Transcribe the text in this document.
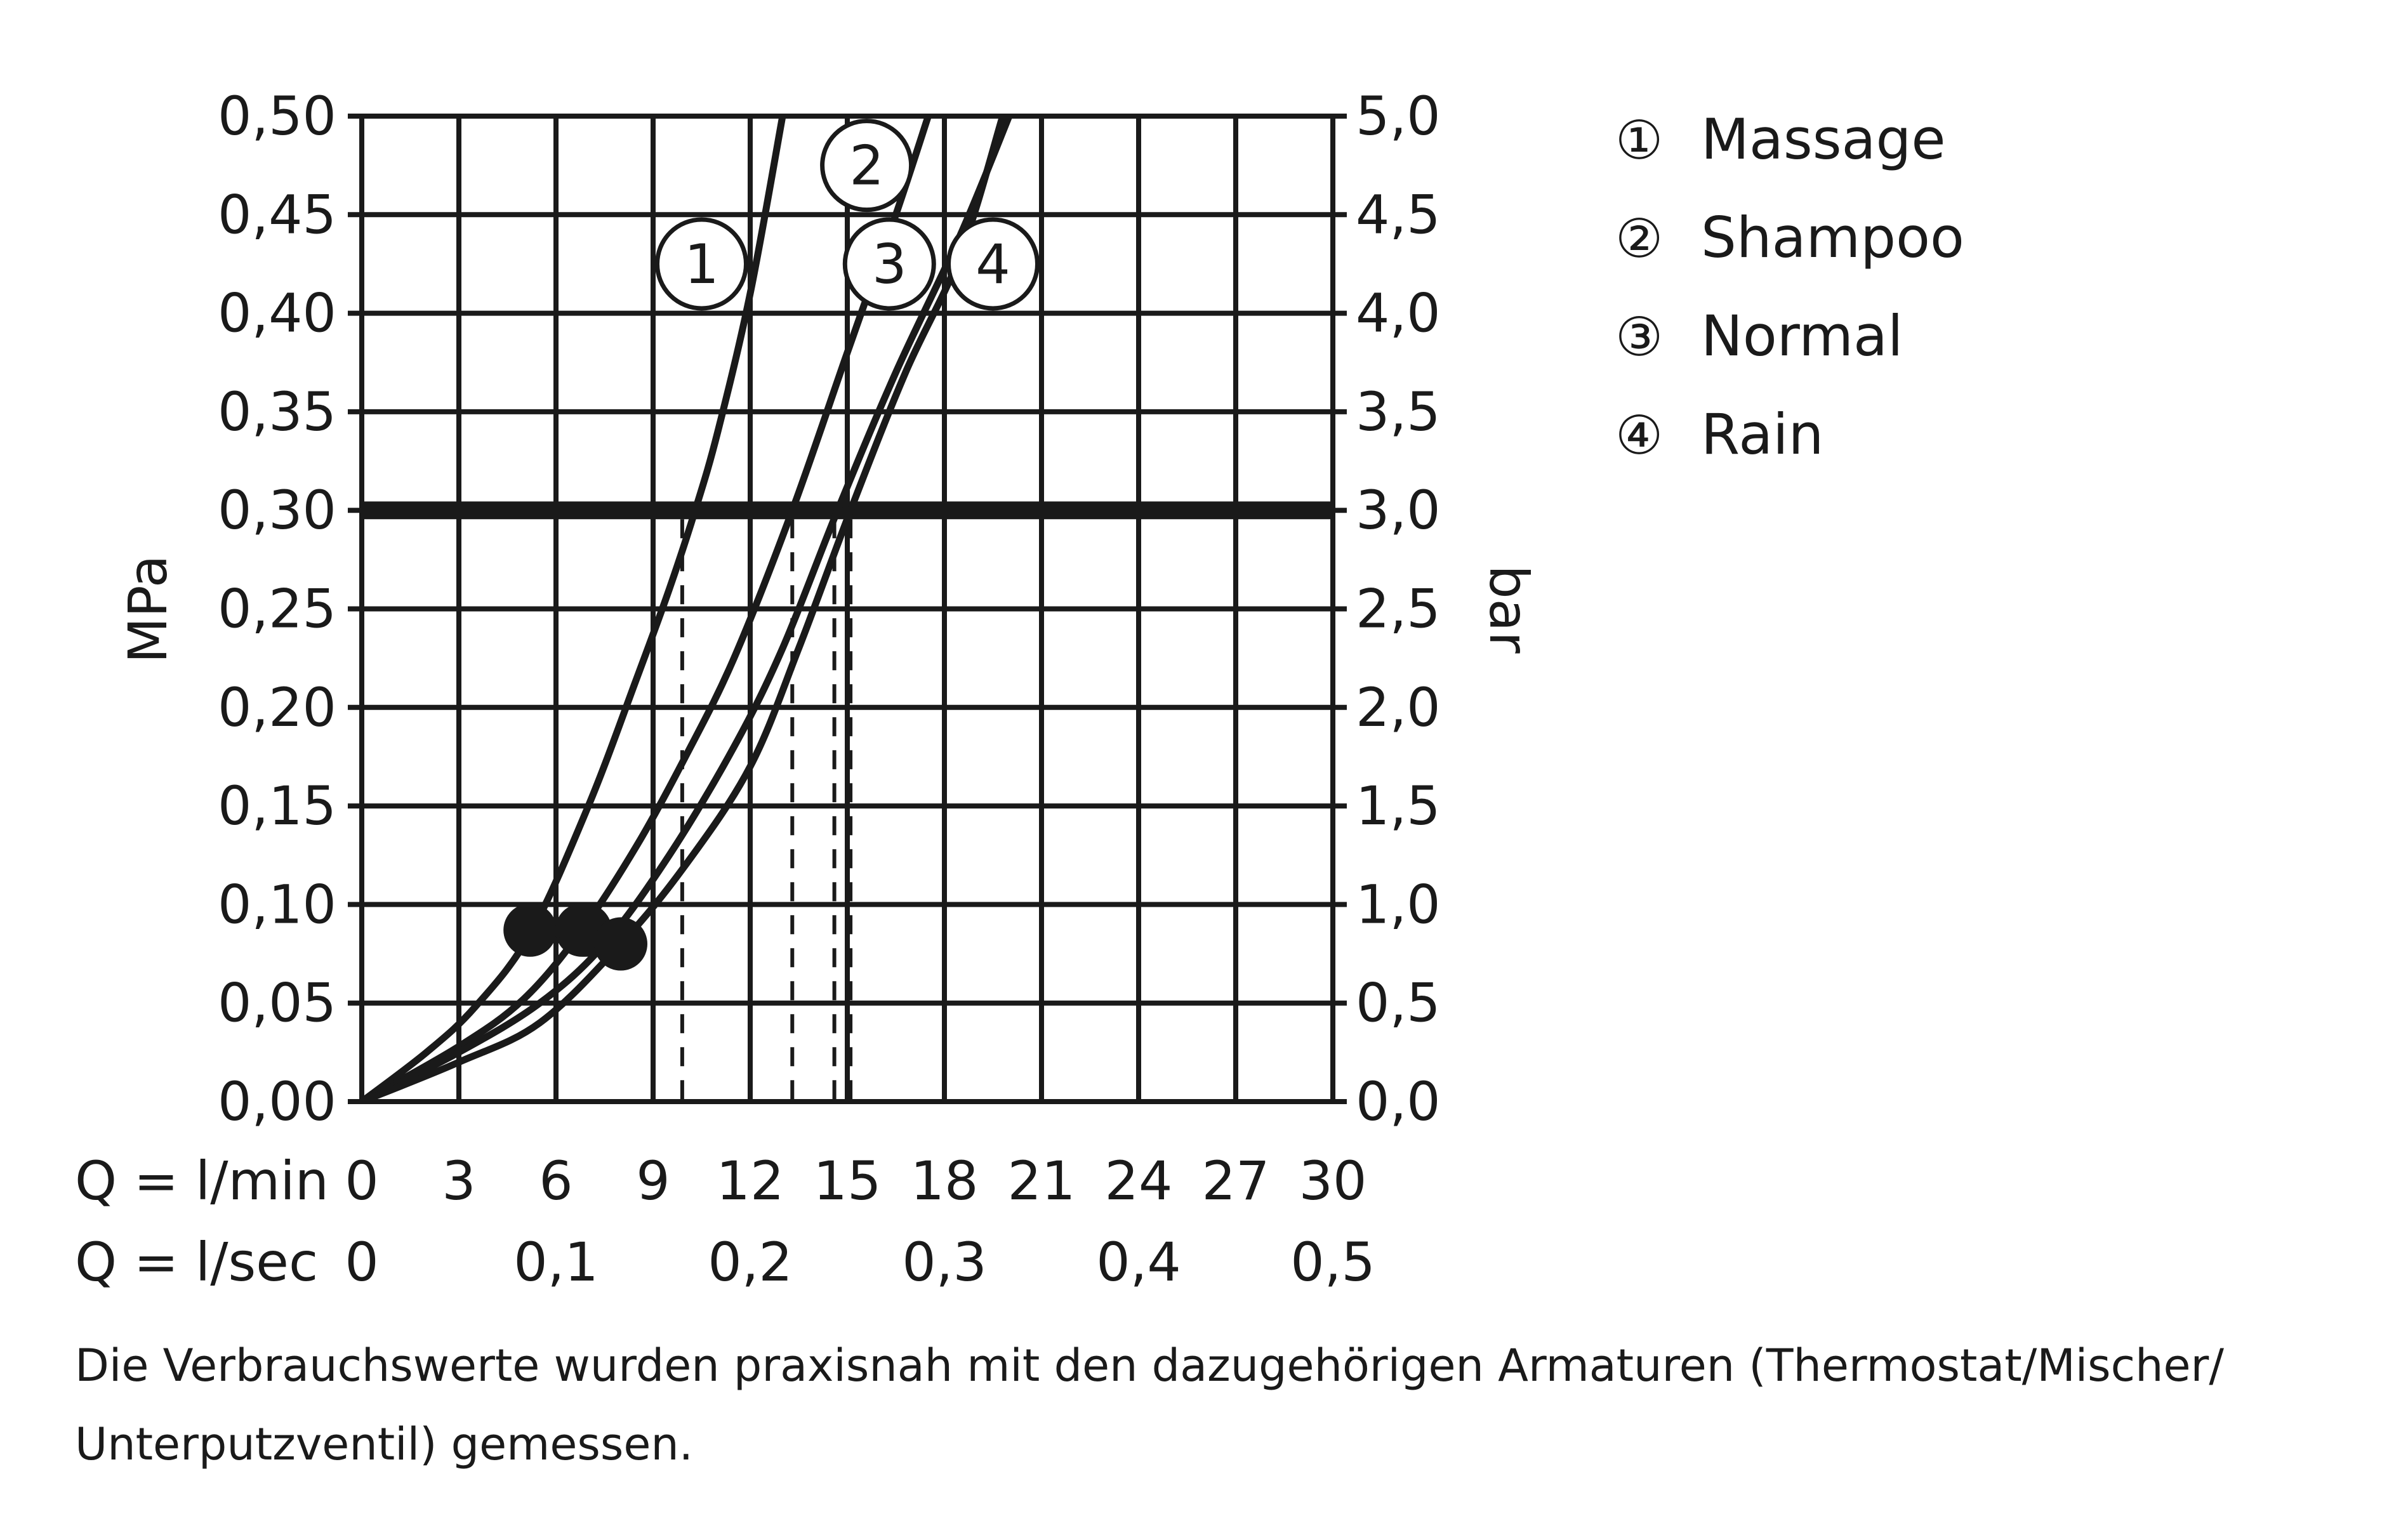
1
2
3 4
0,00
0,05
0,10
0,15
0,20
0,25
0,30
0,35
0,40
0,45
0,50
0,0
0,5
1,0
1,5
2,0
2,5
3,0
3,5
4,0
4,5
5,0
MPa	bar
Q = l/min
Q = l/sec
0 3 6 9 12 15 18 21 24 27 30
0	0,1 0,2 0,3 0,4 0,5
① Massage
② Shampoo
③ Normal
④ Rain
Die Verbrauchswerte wurden praxisnah mit den dazugehörigen Armaturen (Thermostat/Mischer/
Unterputzventil) gemessen.
